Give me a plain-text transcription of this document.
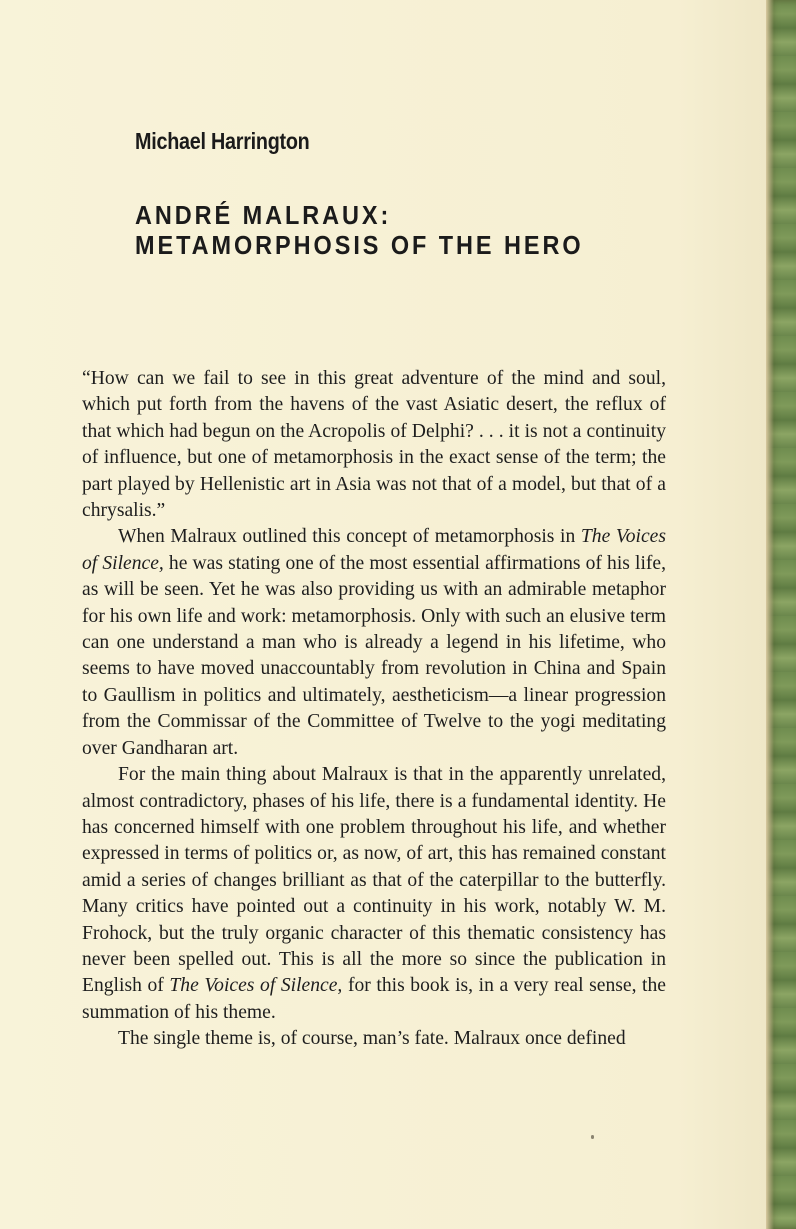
Michael Harrington
ANDRÉ MALRAUX:
METAMORPHOSIS OF THE HERO

“How can we fail to see in this great adventure of the mind and soul, which put forth from the havens of the vast Asiatic desert, the reflux of that which had begun on the Acropolis of Delphi? . . . it is not a continuity of influence, but one of metamorphosis in the exact sense of the term; the part played by Hellenistic art in Asia was not that of a model, but that of a chrysalis.”

When Malraux outlined this concept of metamorphosis in The Voices of Silence, he was stating one of the most essential affirmations of his life, as will be seen. Yet he was also providing us with an admirable metaphor for his own life and work: metamorphosis. Only with such an elusive term can one understand a man who is already a legend in his lifetime, who seems to have moved unaccountably from revolution in China and Spain to Gaullism in politics and ultimately, aestheticism—a linear progression from the Commissar of the Committee of Twelve to the yogi meditating over Gandharan art.

For the main thing about Malraux is that in the apparently unrelated, almost contradictory, phases of his life, there is a fundamental identity. He has concerned himself with one problem throughout his life, and whether expressed in terms of politics or, as now, of art, this has remained constant amid a series of changes brilliant as that of the caterpillar to the butterfly. Many critics have pointed out a continuity in his work, notably W. M. Frohock, but the truly organic character of this thematic consistency has never been spelled out. This is all the more so since the publication in English of The Voices of Silence, for this book is, in a very real sense, the summation of his theme.

The single theme is, of course, man’s fate. Malraux once defined
